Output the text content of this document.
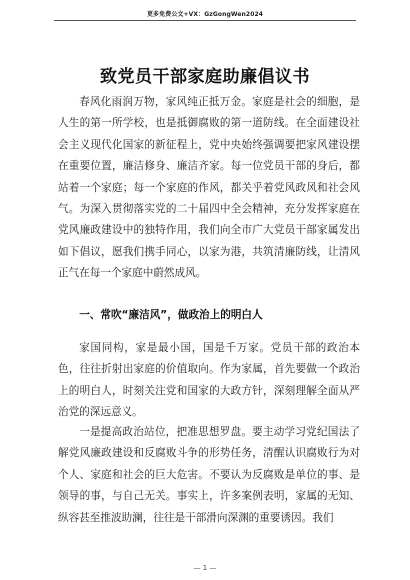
更多免费公文+VX：GzGongWen2024
致党员干部家庭助廉倡议书

春风化雨润万物，家风纯正抵万金。家庭是社会的细胞，是人生的第一所学校，也是抵御腐败的第一道防线。在全面建设社会主义现代化国家的新征程上，党中央始终强调要把家风建设摆在重要位置，廉洁修身、廉洁齐家。每一位党员干部的身后，都站着一个家庭；每一个家庭的作风，都关乎着党风政风和社会风气。为深入贯彻落实党的二十届四中全会精神，充分发挥家庭在党风廉政建设中的独特作用，我们向全市广大党员干部家属发出如下倡议，愿我们携手同心，以家为港，共筑清廉防线，让清风正气在每一个家庭中蔚然成风。

一、常吹“廉洁风”，做政治上的明白人

家国同构，家是最小国，国是千万家。党员干部的政治本色，往往折射出家庭的价值取向。作为家属，首先要做一个政治上的明白人，时刻关注党和国家的大政方针，深刻理解全面从严治党的深远意义。

一是提高政治站位，把准思想罗盘。要主动学习党纪国法了解党风廉政建设和反腐败斗争的形势任务，清醒认识腐败行为对个人、家庭和社会的巨大危害。不要认为反腐败是单位的事、是领导的事，与自己无关。事实上，许多案例表明，家属的无知、纵容甚至推波助澜，往往是干部滑向深渊的重要诱因。我们

— 1 —
